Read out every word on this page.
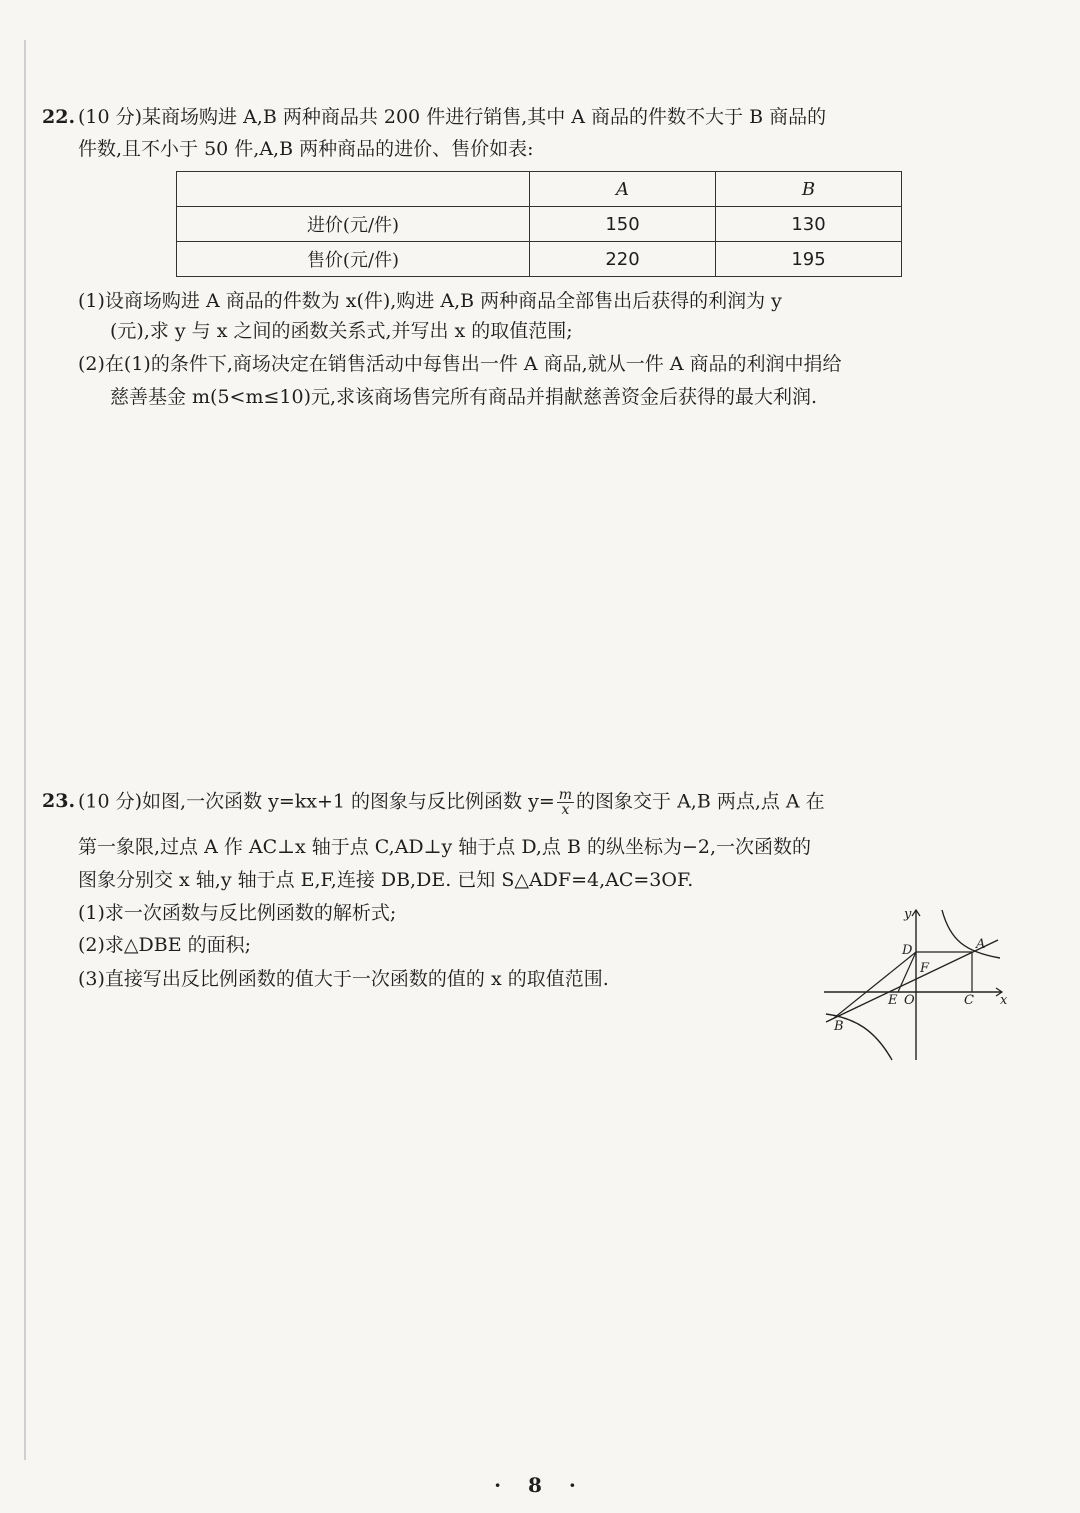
22. (10 分)某商场购进 A,B 两种商品共 200 件进行销售,其中 A 商品的件数不大于 B 商品的
件数,且不小于 50 件,A,B 两种商品的进价、售价如表:
	A	B
进价(元/件)	150	130
售价(元/件)	220	195
(1)设商场购进 A 商品的件数为 x(件),购进 A,B 两种商品全部售出后获得的利润为 y
(元),求 y 与 x 之间的函数关系式,并写出 x 的取值范围;
(2)在(1)的条件下,商场决定在销售活动中每售出一件 A 商品,就从一件 A 商品的利润中捐给
慈善基金 m(5<m≤10)元,求该商场售完所有商品并捐献慈善资金后获得的最大利润.
23. (10 分)如图,一次函数 y=kx+1 的图象与反比例函数 $y= \frac{m}{x}$ 的图象交于 A,B 两点,点 A 在
第一象限,过点 A 作 AC⊥x 轴于点 C,AD⊥y 轴于点 D,点 B 的纵坐标为−2,一次函数的
图象分别交 x 轴,y 轴于点 E,F,连接 DB,DE. 已知 S△ADF=4,AC=3OF.
(1)求一次函数与反比例函数的解析式;
(2)求△DBE 的面积;
(3)直接写出反比例函数的值大于一次函数的值的 x 的取值范围.
y
x
D	A
F
E O	C
B
· 8 ·
